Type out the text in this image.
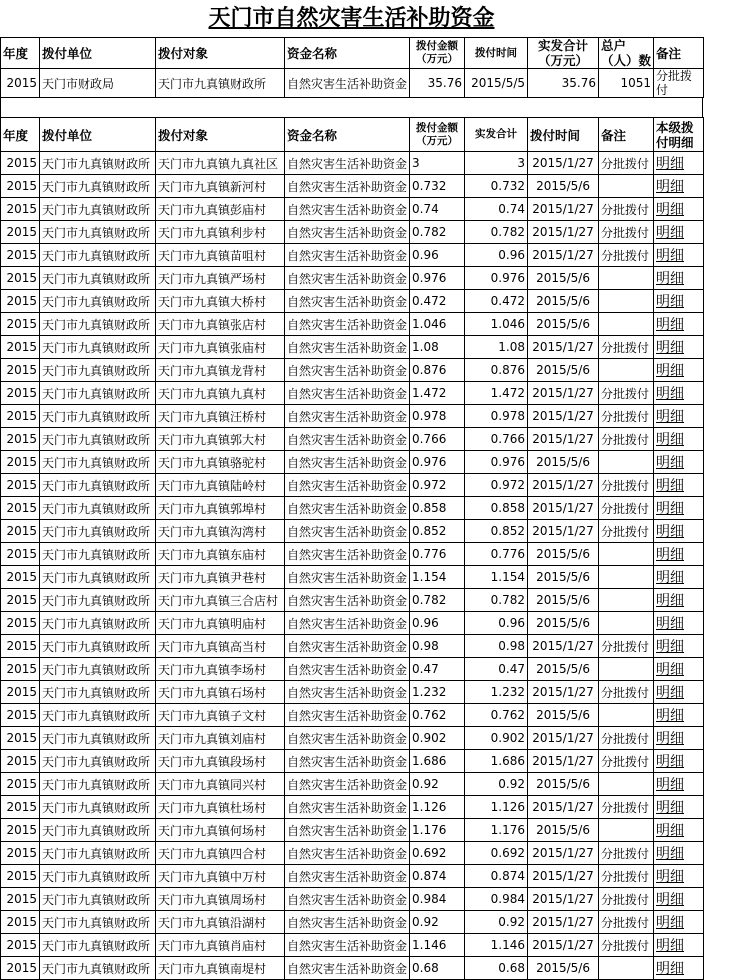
天门市自然灾害生活补助资金
年度	拨付单位	拨付对象	资金名称	拨付金额（万元）	拨付时间	实发合计（万元）	总户（人）数	备注
2015	天门市财政局	天门市九真镇财政所	自然灾害生活补助资金	35.76	2015/5/5	35.76	1051	分批拨付
年度	拨付单位	拨付对象	资金名称	拨付金额（万元）	实发合计	拨付时间	备注	本级拨付明细
2015	天门市九真镇财政所	天门市九真镇九真社区	自然灾害生活补助资金	3	3	2015/1/27	分批拨付	明细
2015	天门市九真镇财政所	天门市九真镇新河村	自然灾害生活补助资金	0.732	0.732	2015/5/6		明细
2015	天门市九真镇财政所	天门市九真镇彭庙村	自然灾害生活补助资金	0.74	0.74	2015/1/27	分批拨付	明细
2015	天门市九真镇财政所	天门市九真镇利步村	自然灾害生活补助资金	0.782	0.782	2015/1/27	分批拨付	明细
2015	天门市九真镇财政所	天门市九真镇苗咀村	自然灾害生活补助资金	0.96	0.96	2015/1/27	分批拨付	明细
2015	天门市九真镇财政所	天门市九真镇严场村	自然灾害生活补助资金	0.976	0.976	2015/5/6		明细
2015	天门市九真镇财政所	天门市九真镇大桥村	自然灾害生活补助资金	0.472	0.472	2015/5/6		明细
2015	天门市九真镇财政所	天门市九真镇张店村	自然灾害生活补助资金	1.046	1.046	2015/5/6		明细
2015	天门市九真镇财政所	天门市九真镇张庙村	自然灾害生活补助资金	1.08	1.08	2015/1/27	分批拨付	明细
2015	天门市九真镇财政所	天门市九真镇龙背村	自然灾害生活补助资金	0.876	0.876	2015/5/6		明细
2015	天门市九真镇财政所	天门市九真镇九真村	自然灾害生活补助资金	1.472	1.472	2015/1/27	分批拨付	明细
2015	天门市九真镇财政所	天门市九真镇汪桥村	自然灾害生活补助资金	0.978	0.978	2015/1/27	分批拨付	明细
2015	天门市九真镇财政所	天门市九真镇郭大村	自然灾害生活补助资金	0.766	0.766	2015/1/27	分批拨付	明细
2015	天门市九真镇财政所	天门市九真镇骆驼村	自然灾害生活补助资金	0.976	0.976	2015/5/6		明细
2015	天门市九真镇财政所	天门市九真镇陆岭村	自然灾害生活补助资金	0.972	0.972	2015/1/27	分批拨付	明细
2015	天门市九真镇财政所	天门市九真镇郭埠村	自然灾害生活补助资金	0.858	0.858	2015/1/27	分批拨付	明细
2015	天门市九真镇财政所	天门市九真镇沟湾村	自然灾害生活补助资金	0.852	0.852	2015/1/27	分批拨付	明细
2015	天门市九真镇财政所	天门市九真镇东庙村	自然灾害生活补助资金	0.776	0.776	2015/5/6		明细
2015	天门市九真镇财政所	天门市九真镇尹巷村	自然灾害生活补助资金	1.154	1.154	2015/5/6		明细
2015	天门市九真镇财政所	天门市九真镇三合店村	自然灾害生活补助资金	0.782	0.782	2015/5/6		明细
2015	天门市九真镇财政所	天门市九真镇明庙村	自然灾害生活补助资金	0.96	0.96	2015/5/6		明细
2015	天门市九真镇财政所	天门市九真镇高当村	自然灾害生活补助资金	0.98	0.98	2015/1/27	分批拨付	明细
2015	天门市九真镇财政所	天门市九真镇李场村	自然灾害生活补助资金	0.47	0.47	2015/5/6		明细
2015	天门市九真镇财政所	天门市九真镇石场村	自然灾害生活补助资金	1.232	1.232	2015/1/27	分批拨付	明细
2015	天门市九真镇财政所	天门市九真镇子文村	自然灾害生活补助资金	0.762	0.762	2015/5/6		明细
2015	天门市九真镇财政所	天门市九真镇刘庙村	自然灾害生活补助资金	0.902	0.902	2015/1/27	分批拨付	明细
2015	天门市九真镇财政所	天门市九真镇段场村	自然灾害生活补助资金	1.686	1.686	2015/1/27	分批拨付	明细
2015	天门市九真镇财政所	天门市九真镇同兴村	自然灾害生活补助资金	0.92	0.92	2015/5/6		明细
2015	天门市九真镇财政所	天门市九真镇杜场村	自然灾害生活补助资金	1.126	1.126	2015/1/27	分批拨付	明细
2015	天门市九真镇财政所	天门市九真镇何场村	自然灾害生活补助资金	1.176	1.176	2015/5/6		明细
2015	天门市九真镇财政所	天门市九真镇四合村	自然灾害生活补助资金	0.692	0.692	2015/1/27	分批拨付	明细
2015	天门市九真镇财政所	天门市九真镇中万村	自然灾害生活补助资金	0.874	0.874	2015/1/27	分批拨付	明细
2015	天门市九真镇财政所	天门市九真镇周场村	自然灾害生活补助资金	0.984	0.984	2015/1/27	分批拨付	明细
2015	天门市九真镇财政所	天门市九真镇沿湖村	自然灾害生活补助资金	0.92	0.92	2015/1/27	分批拨付	明细
2015	天门市九真镇财政所	天门市九真镇肖庙村	自然灾害生活补助资金	1.146	1.146	2015/1/27	分批拨付	明细
2015	天门市九真镇财政所	天门市九真镇南堤村	自然灾害生活补助资金	0.68	0.68	2015/5/6		明细
